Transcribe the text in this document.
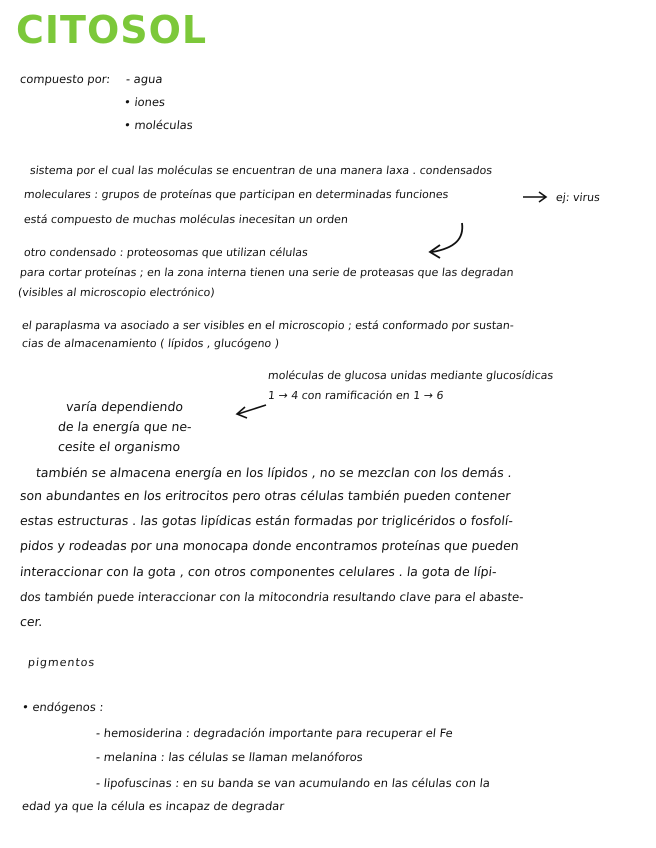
CITOSOL
compuesto por: - agua
• iones
• moléculas
sistema por el cual las moléculas se encuentran de una manera laxa . condensados
moleculares : grupos de proteínas que participan en determinadas funciones	ej: virus
está compuesto de muchas moléculas inecesitan un orden
otro condensado : proteosomas que utilizan células
para cortar proteínas ; en la zona interna tienen una serie de proteasas que las degradan
(visibles al microscopio electrónico)
el paraplasma va asociado a ser visibles en el microscopio ; está conformado por sustan-
cias de almacenamiento ( lípidos , glucógeno )
moléculas de glucosa unidas mediante glucosídicas
1 → 4 con ramificación en 1 → 6
varía dependiendo
de la energía que ne-
cesite el organismo
también se almacena energía en los lípidos , no se mezclan con los demás .
son abundantes en los eritrocitos pero otras células también pueden contener
estas estructuras . las gotas lipídicas están formadas por triglicéridos o fosfolí-
pidos y rodeadas por una monocapa donde encontramos proteínas que pueden
interaccionar con la gota , con otros componentes celulares . la gota de lípi-
dos también puede interaccionar con la mitocondria resultando clave para el abaste-
cer.
pigmentos
• endógenos :
- hemosiderina : degradación importante para recuperar el Fe
- melanina : las células se llaman melanóforos
- lipofuscinas : en su banda se van acumulando en las células con la
edad ya que la célula es incapaz de degradar
